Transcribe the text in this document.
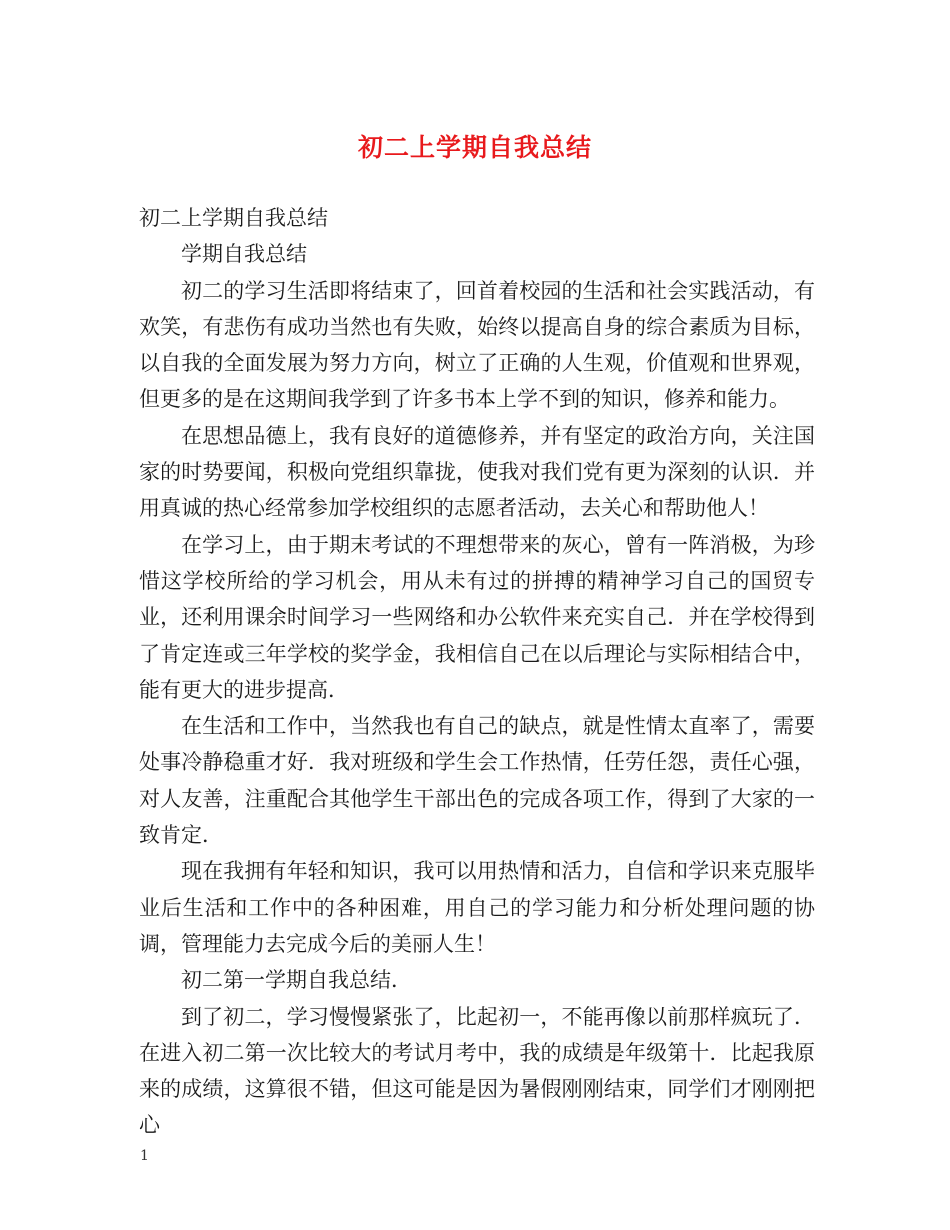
初二上学期自我总结

初二上学期自我总结

学期自我总结

初二的学习生活即将结束了，回首着校园的生活和社会实践活动，有欢笑，有悲伤有成功当然也有失败，始终以提高自身的综合素质为目标，以自我的全面发展为努力方向，树立了正确的人生观，价值观和世界观，但更多的是在这期间我学到了许多书本上学不到的知识，修养和能力。

在思想品德上，我有良好的道德修养，并有坚定的政治方向，关注国家的时势要闻，积极向党组织靠拢，使我对我们党有更为深刻的认识．并用真诚的热心经常参加学校组织的志愿者活动，去关心和帮助他人！

在学习上，由于期末考试的不理想带来的灰心，曾有一阵消极，为珍惜这学校所给的学习机会，用从未有过的拼搏的精神学习自己的国贸专业，还利用课余时间学习一些网络和办公软件来充实自己．并在学校得到了肯定连或三年学校的奖学金，我相信自己在以后理论与实际相结合中，能有更大的进步提高．

在生活和工作中，当然我也有自己的缺点，就是性情太直率了，需要处事冷静稳重才好．我对班级和学生会工作热情，任劳任怨，责任心强，对人友善，注重配合其他学生干部出色的完成各项工作，得到了大家的一致肯定．

现在我拥有年轻和知识，我可以用热情和活力，自信和学识来克服毕业后生活和工作中的各种困难，用自己的学习能力和分析处理问题的协调，管理能力去完成今后的美丽人生！

初二第一学期自我总结．

到了初二，学习慢慢紧张了，比起初一，不能再像以前那样疯玩了．在进入初二第一次比较大的考试月考中，我的成绩是年级第十．比起我原来的成绩，这算很不错，但这可能是因为暑假刚刚结束，同学们才刚刚把心

1
